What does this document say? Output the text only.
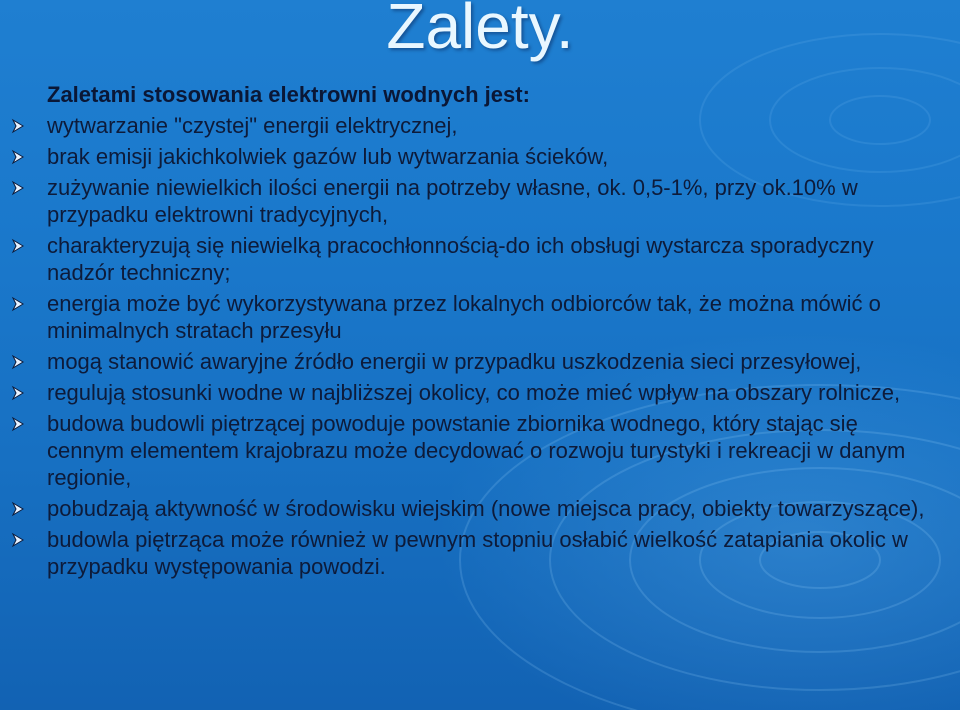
Zalety.

Zaletami stosowania elektrowni wodnych jest:

wytwarzanie "czystej" energii elektrycznej,
brak emisji jakichkolwiek gazów lub wytwarzania ścieków,
zużywanie niewielkich ilości energii na potrzeby własne, ok. 0,5-1%, przy ok.10% w przypadku elektrowni tradycyjnych,
charakteryzują się niewielką pracochłonnością-do ich obsługi wystarcza sporadyczny nadzór techniczny;
energia może być wykorzystywana przez lokalnych odbiorców tak, że można mówić o minimalnych stratach przesyłu
mogą stanowić awaryjne źródło energii w przypadku uszkodzenia sieci przesyłowej,
regulują stosunki wodne w najbliższej okolicy, co może mieć wpływ na obszary rolnicze,
budowa budowli piętrzącej powoduje powstanie zbiornika wodnego, który stając się cennym elementem krajobrazu może decydować o rozwoju turystyki i rekreacji w danym regionie,
pobudzają aktywność w środowisku wiejskim (nowe miejsca pracy, obiekty towarzyszące),
budowla piętrząca może również w pewnym stopniu osłabić wielkość zatapiania okolic w przypadku występowania powodzi.
